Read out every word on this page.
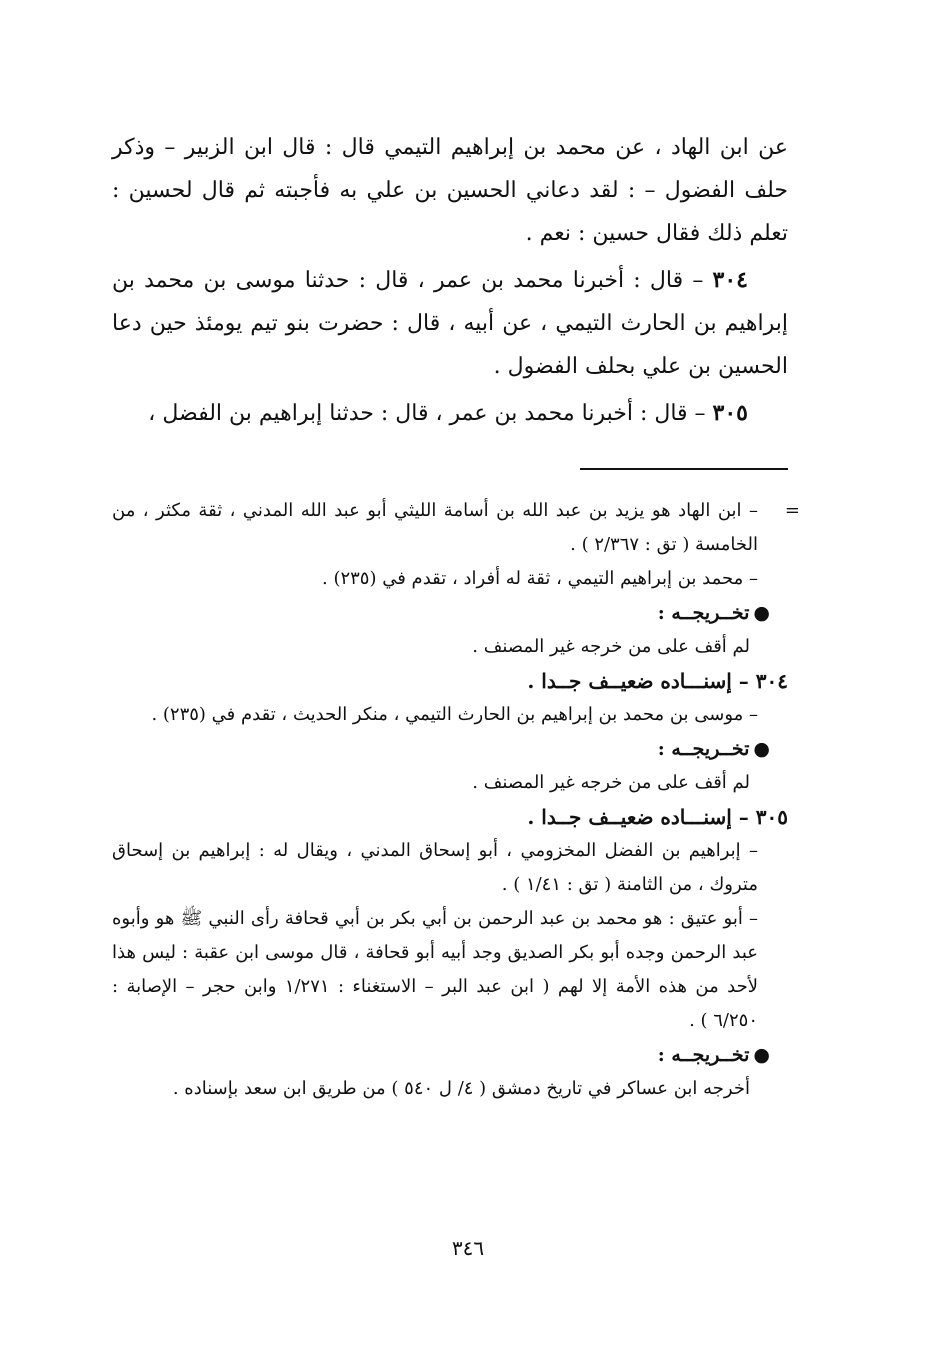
عن ابن الهاد ، عن محمد بن إبراهيم التيمي قال : قال ابن الزبير – وذكر حلف الفضول – : لقد دعاني الحسين بن علي به فأجبته ثم قال لحسين : تعلم ذلك فقال حسين : نعم .

٣٠٤ – قال : أخبرنا محمد بن عمر ، قال : حدثنا موسى بن محمد بن إبراهيم بن الحارث التيمي ، عن أبيه ، قال : حضرت بنو تيم يومئذ حين دعا الحسين بن علي بحلف الفضول .

٣٠٥ – قال : أخبرنا محمد بن عمر ، قال : حدثنا إبراهيم بن الفضل ،

=

– ابن الهاد هو يزيد بن عبد الله بن أسامة الليثي أبو عبد الله المدني ، ثقة مكثر ، من الخامسة ( تق : ٢/٣٦٧ ) .

– محمد بن إبراهيم التيمي ، ثقة له أفراد ، تقدم في (٢٣٥) .

● تخــريجــه :

لم أقف على من خرجه غير المصنف .

٣٠٤ – إسنـــاده ضعيــف جــدا .

– موسى بن محمد بن إبراهيم بن الحارث التيمي ، منكر الحديث ، تقدم في (٢٣٥) .

● تخــريجــه :

لم أقف على من خرجه غير المصنف .

٣٠٥ – إسنـــاده ضعيــف جــدا .

– إبراهيم بن الفضل المخزومي ، أبو إسحاق المدني ، ويقال له : إبراهيم بن إسحاق متروك ، من الثامنة ( تق : ١/٤١ ) .

– أبو عتيق : هو محمد بن عبد الرحمن بن أبي بكر بن أبي قحافة رأى النبي ﷺ هو وأبوه عبد الرحمن وجده أبو بكر الصديق وجد أبيه أبو قحافة ، قال موسى ابن عقبة : ليس هذا لأحد من هذه الأمة إلا لهم ( ابن عبد البر – الاستغناء : ١/٢٧١ وابن حجر – الإصابة : ٦/٢٥٠ ) .

● تخــريجــه :

أخرجه ابن عساكر في تاريخ دمشق ( ٤/ ل ٥٤٠ ) من طريق ابن سعد بإسناده .

٣٤٦
